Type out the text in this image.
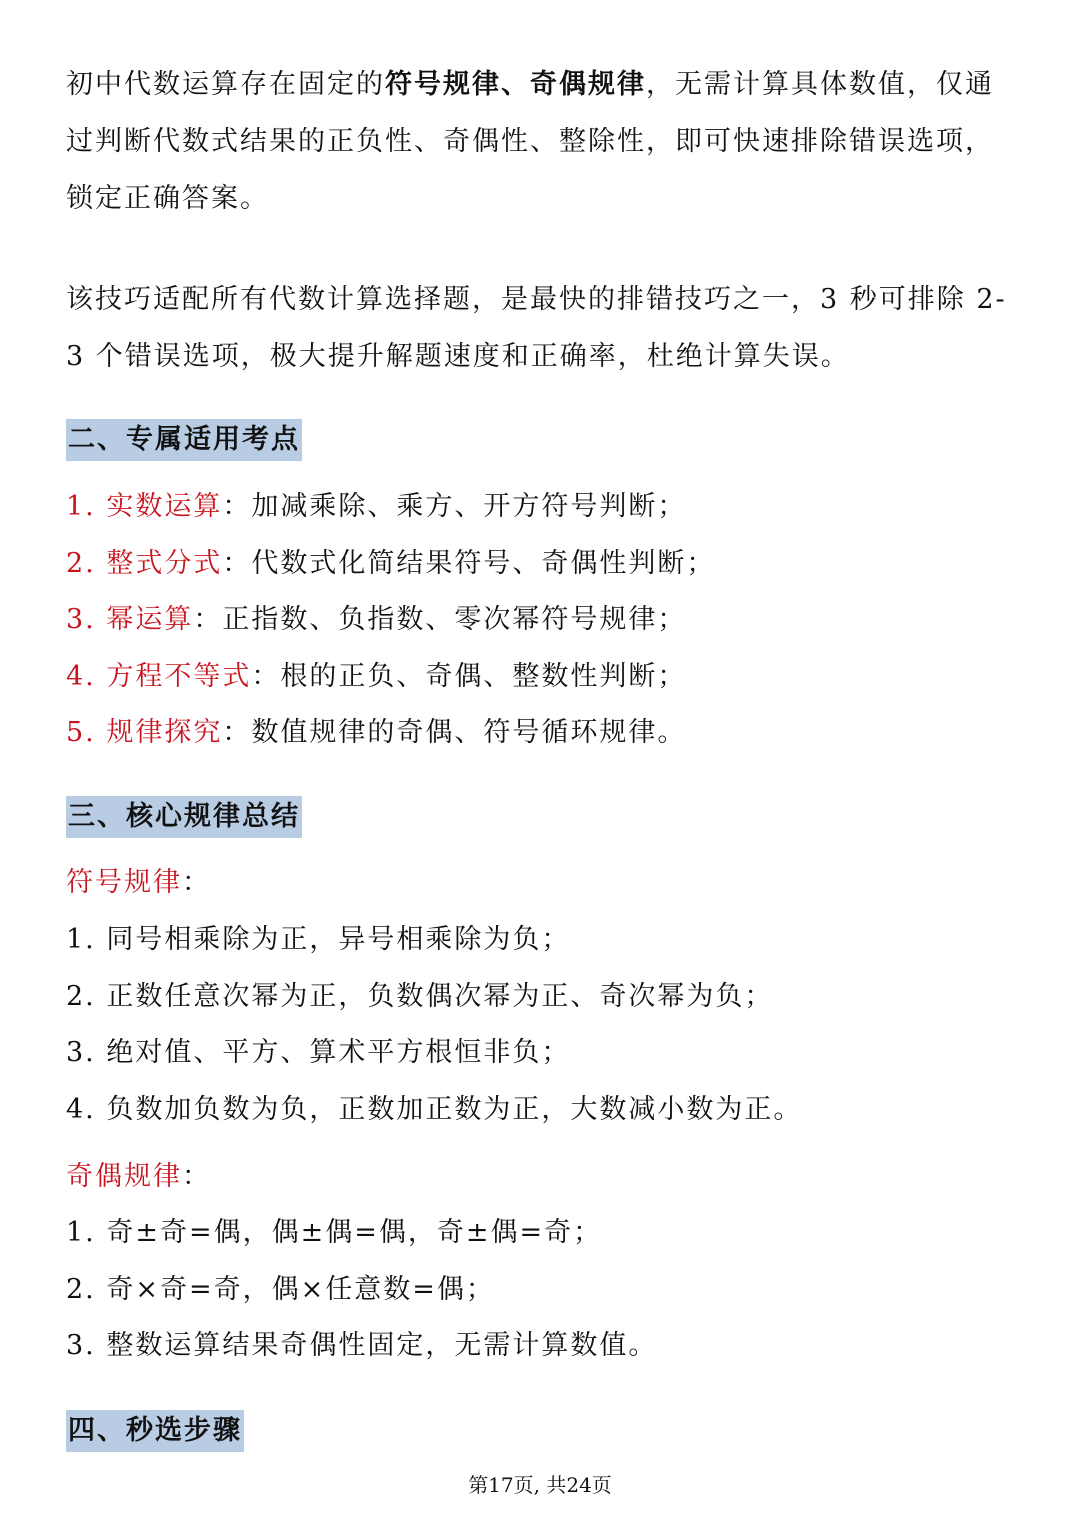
初中代数运算存在固定的符号规律、奇偶规律，无需计算具体数值，仅通过判断代数式结果的正负性、奇偶性、整除性，即可快速排除错误选项，锁定正确答案。

该技巧适配所有代数计算选择题，是最快的排错技巧之一，3 秒可排除 2-3 个错误选项，极大提升解题速度和正确率，杜绝计算失误。

二、专属适用考点
1. 实数运算：加减乘除、乘方、开方符号判断；
2. 整式分式：代数式化简结果符号、奇偶性判断；
3. 幂运算：正指数、负指数、零次幂符号规律；
4. 方程不等式：根的正负、奇偶、整数性判断；
5. 规律探究：数值规律的奇偶、符号循环规律。
三、核心规律总结
符号规律：
1. 同号相乘除为正，异号相乘除为负；
2. 正数任意次幂为正，负数偶次幂为正、奇次幂为负；
3. 绝对值、平方、算术平方根恒非负；
4. 负数加负数为负，正数加正数为正，大数减小数为正。
奇偶规律：
1. 奇±奇=偶，偶±偶=偶，奇±偶=奇；
2. 奇×奇=奇，偶×任意数=偶；
3. 整数运算结果奇偶性固定，无需计算数值。
四、秒选步骤
第17页, 共24页
